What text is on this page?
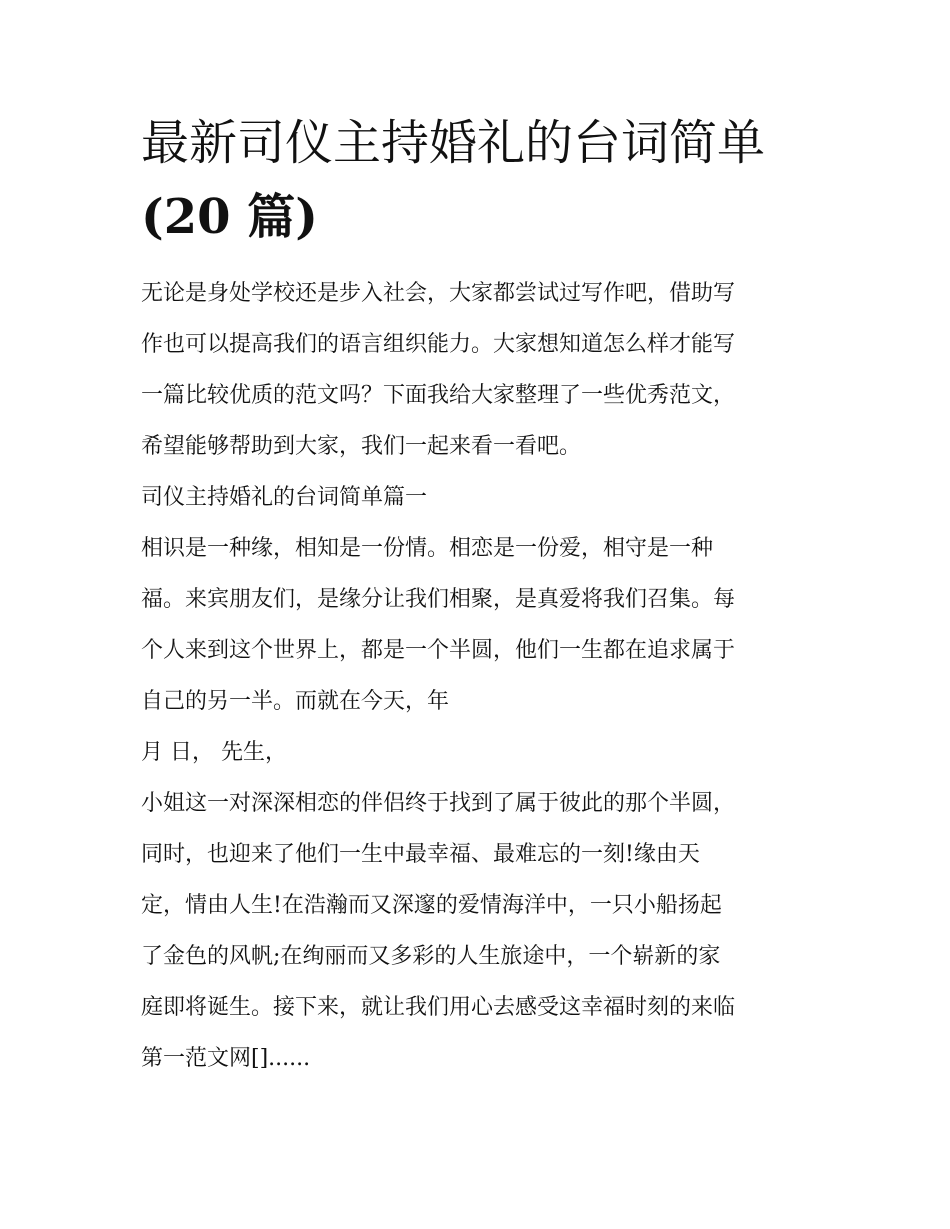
最新司仪主持婚礼的台词简单
(20 篇)
无论是身处学校还是步入社会，大家都尝试过写作吧，借助写
作也可以提高我们的语言组织能力。大家想知道怎么样才能写
一篇比较优质的范文吗？下面我给大家整理了一些优秀范文，
希望能够帮助到大家，我们一起来看一看吧。
司仪主持婚礼的台词简单篇一
相识是一种缘，相知是一份情。相恋是一份爱，相守是一种
福。来宾朋友们，是缘分让我们相聚，是真爱将我们召集。每
个人来到这个世界上，都是一个半圆，他们一生都在追求属于
自己的另一半。而就在今天，年
月 日， 先生，
小姐这一对深深相恋的伴侣终于找到了属于彼此的那个半圆，
同时，也迎来了他们一生中最幸福、最难忘的一刻!缘由天
定，情由人生!在浩瀚而又深邃的爱情海洋中，一只小船扬起
了金色的风帆;在绚丽而又多彩的人生旅途中，一个崭新的家
庭即将诞生。接下来，就让我们用心去感受这幸福时刻的来临
第一范文网[]......
